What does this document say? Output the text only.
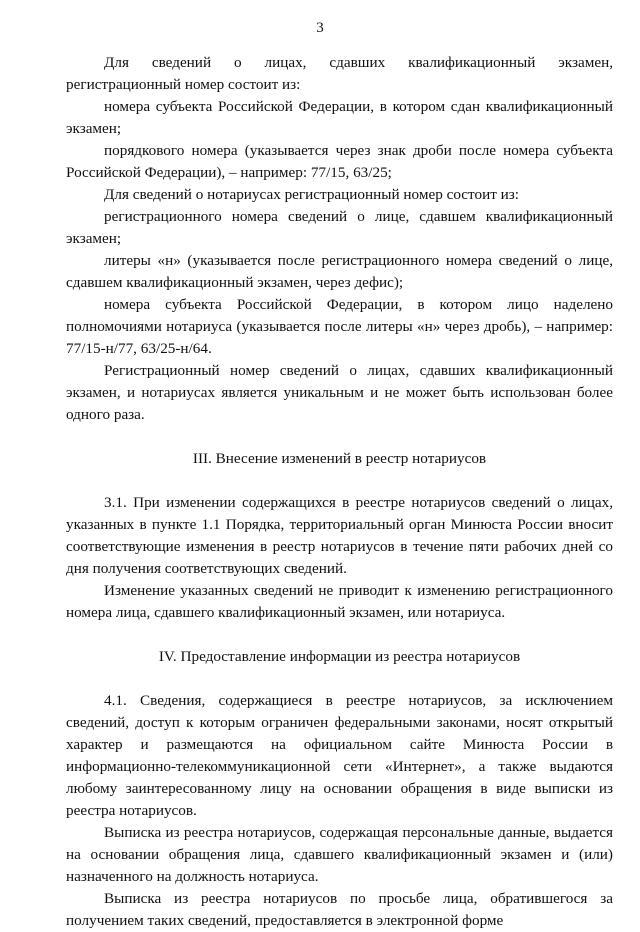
3

Для сведений о лицах, сдавших квалификационный экзамен, регистрационный номер состоит из:

номера субъекта Российской Федерации, в котором сдан квалификационный экзамен;

порядкового номера (указывается через знак дроби после номера субъекта Российской Федерации), – например: 77/15, 63/25;

Для сведений о нотариусах регистрационный номер состоит из:

регистрационного номера сведений о лице, сдавшем квалификационный экзамен;

литеры «н» (указывается после регистрационного номера сведений о лице, сдавшем квалификационный экзамен, через дефис);

номера субъекта Российской Федерации, в котором лицо наделено полномочиями нотариуса (указывается после литеры «н» через дробь), – например: 77/15-н/77, 63/25-н/64.

Регистрационный номер сведений о лицах, сдавших квалификационный экзамен, и нотариусах является уникальным и не может быть использован более одного раза.

III. Внесение изменений в реестр нотариусов

3.1. При изменении содержащихся в реестре нотариусов сведений о лицах, указанных в пункте 1.1 Порядка, территориальный орган Минюста России вносит соответствующие изменения в реестр нотариусов в течение пяти рабочих дней со дня получения соответствующих сведений.

Изменение указанных сведений не приводит к изменению регистрационного номера лица, сдавшего квалификационный экзамен, или нотариуса.

IV. Предоставление информации из реестра нотариусов

4.1. Сведения, содержащиеся в реестре нотариусов, за исключением сведений, доступ к которым ограничен федеральными законами, носят открытый характер и размещаются на официальном сайте Минюста России в информационно-телекоммуникационной сети «Интернет», а также выдаются любому заинтересованному лицу на основании обращения в виде выписки из реестра нотариусов.

Выписка из реестра нотариусов, содержащая персональные данные, выдается на основании обращения лица, сдавшего квалификационный экзамен и (или) назначенного на должность нотариуса.

Выписка из реестра нотариусов по просьбе лица, обратившегося за получением таких сведений, предоставляется в электронной форме
